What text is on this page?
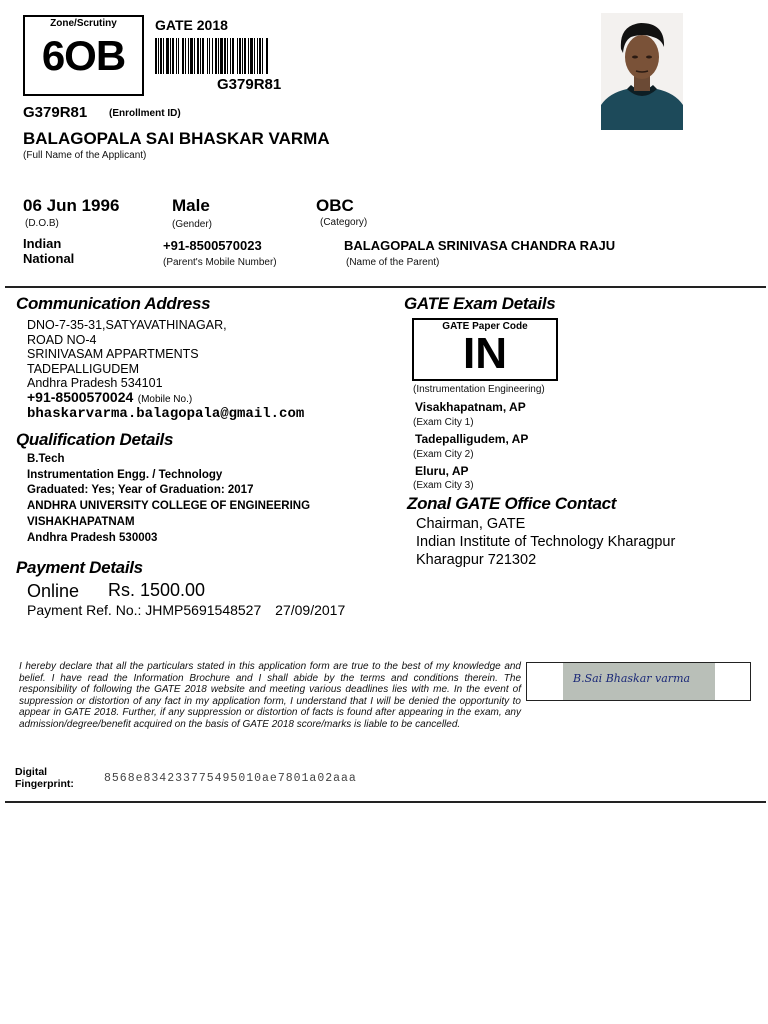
Zone/Scrutiny
6OB
GATE 2018
G379R81
G379R81 (Enrollment ID)
BALAGOPALA SAI BHASKAR VARMA
(Full Name of the Applicant)
06 Jun 1996
(D.O.B)
Male
(Gender)
OBC
(Category)
Indian
National
+91-8500570023
(Parent's Mobile Number)
BALAGOPALA SRINIVASA CHANDRA RAJU
(Name of the Parent)
Communication Address
DNO-7-35-31,SATYAVATHINAGAR,
ROAD NO-4
SRINIVASAM APPARTMENTS
TADEPALLIGUDEM
Andhra Pradesh 534101
+91-8500570024 (Mobile No.)
bhaskarvarma.balagopala@gmail.com
Qualification Details
B.Tech
Instrumentation Engg. / Technology
Graduated: Yes; Year of Graduation: 2017
ANDHRA UNIVERSITY COLLEGE OF ENGINEERING
VISHAKHAPATNAM
Andhra Pradesh 530003
Payment Details
Online Rs. 1500.00
Payment Ref. No.: JHMP5691548527 27/09/2017
GATE Exam Details
GATE Paper Code
IN
(Instrumentation Engineering)
Visakhapatnam, AP
(Exam City 1)
Tadepalligudem, AP
(Exam City 2)
Eluru, AP
(Exam City 3)
Zonal GATE Office Contact
Chairman, GATE
Indian Institute of Technology Kharagpur
Kharagpur 721302
I hereby declare that all the particulars stated in this application form are true to the best of my knowledge and belief. I have read the Information Brochure and I shall abide by the terms and conditions therein. The responsibility of following the GATE 2018 website and meeting various deadlines lies with me. In the event of suppression or distortion of any fact in my application form, I understand that I will be denied the opportunity to appear in GATE 2018. Further, if any suppression or distortion of facts is found after appearing in the exam, any admission/degree/benefit acquired on the basis of GATE 2018 score/marks is liable to be cancelled.
B.Sai Bhaskar varma
Digital
Fingerprint:	8568e834233775495010ae7801a02aaa
